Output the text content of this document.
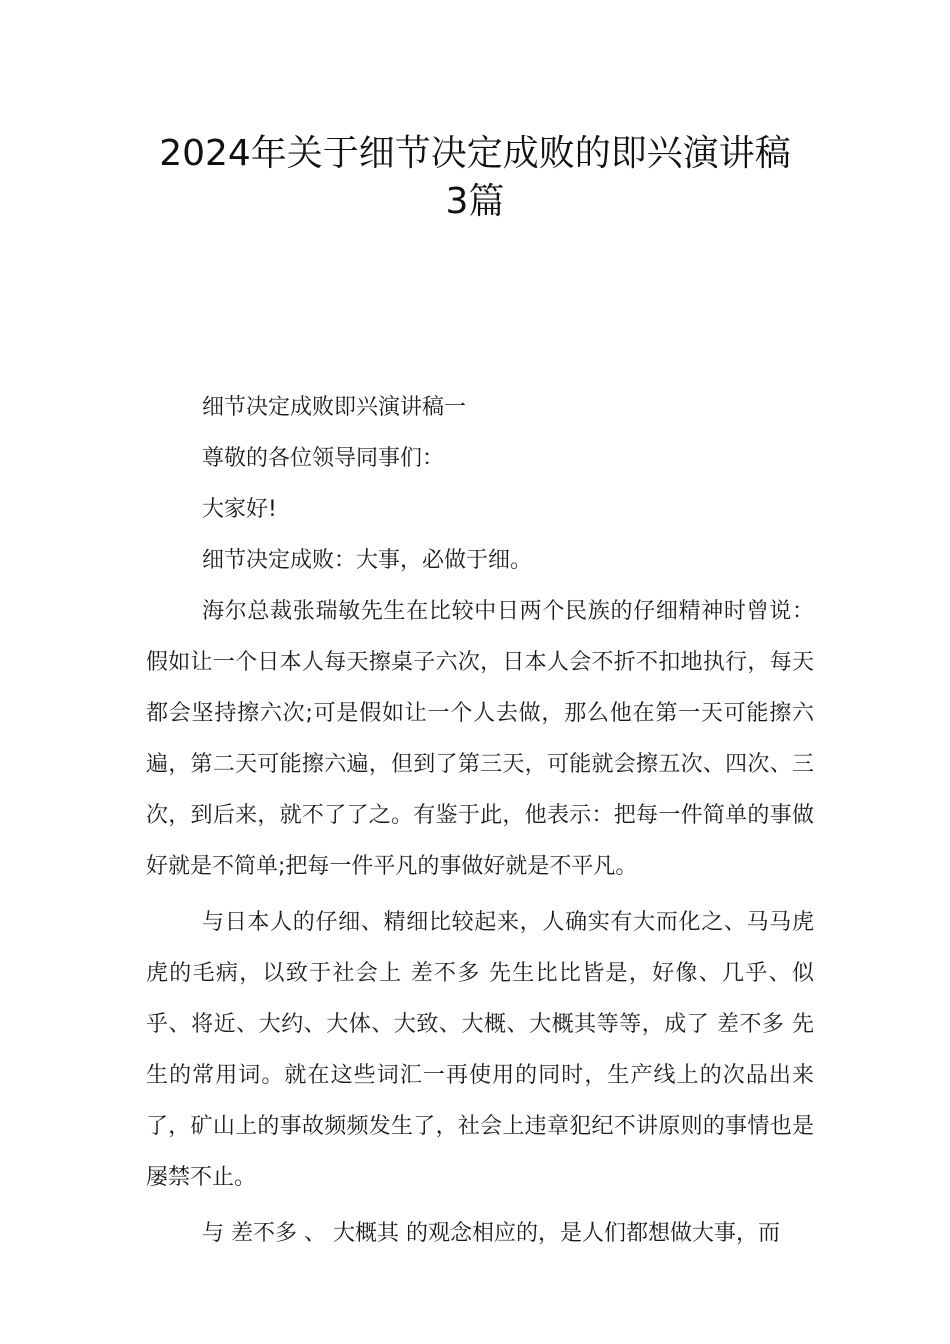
2024年关于细节决定成败的即兴演讲稿
3篇

细节决定成败即兴演讲稿一

尊敬的各位领导同事们：

大家好!

细节决定成败：大事，必做于细。

海尔总裁张瑞敏先生在比较中日两个民族的仔细精神时曾说：假如让一个日本人每天擦桌子六次，日本人会不折不扣地执行，每天都会坚持擦六次;可是假如让一个人去做，那么他在第一天可能擦六遍，第二天可能擦六遍，但到了第三天，可能就会擦五次、四次、三次，到后来，就不了了之。有鉴于此，他表示：把每一件简单的事做好就是不简单;把每一件平凡的事做好就是不平凡。

与日本人的仔细、精细比较起来，人确实有大而化之、马马虎虎的毛病，以致于社会上 差不多 先生比比皆是，好像、几乎、似乎、将近、大约、大体、大致、大概、大概其等等，成了 差不多 先生的常用词。就在这些词汇一再使用的同时，生产线上的次品出来了，矿山上的事故频频发生了，社会上违章犯纪不讲原则的事情也是屡禁不止。

与 差不多 、 大概其 的观念相应的，是人们都想做大事，而
